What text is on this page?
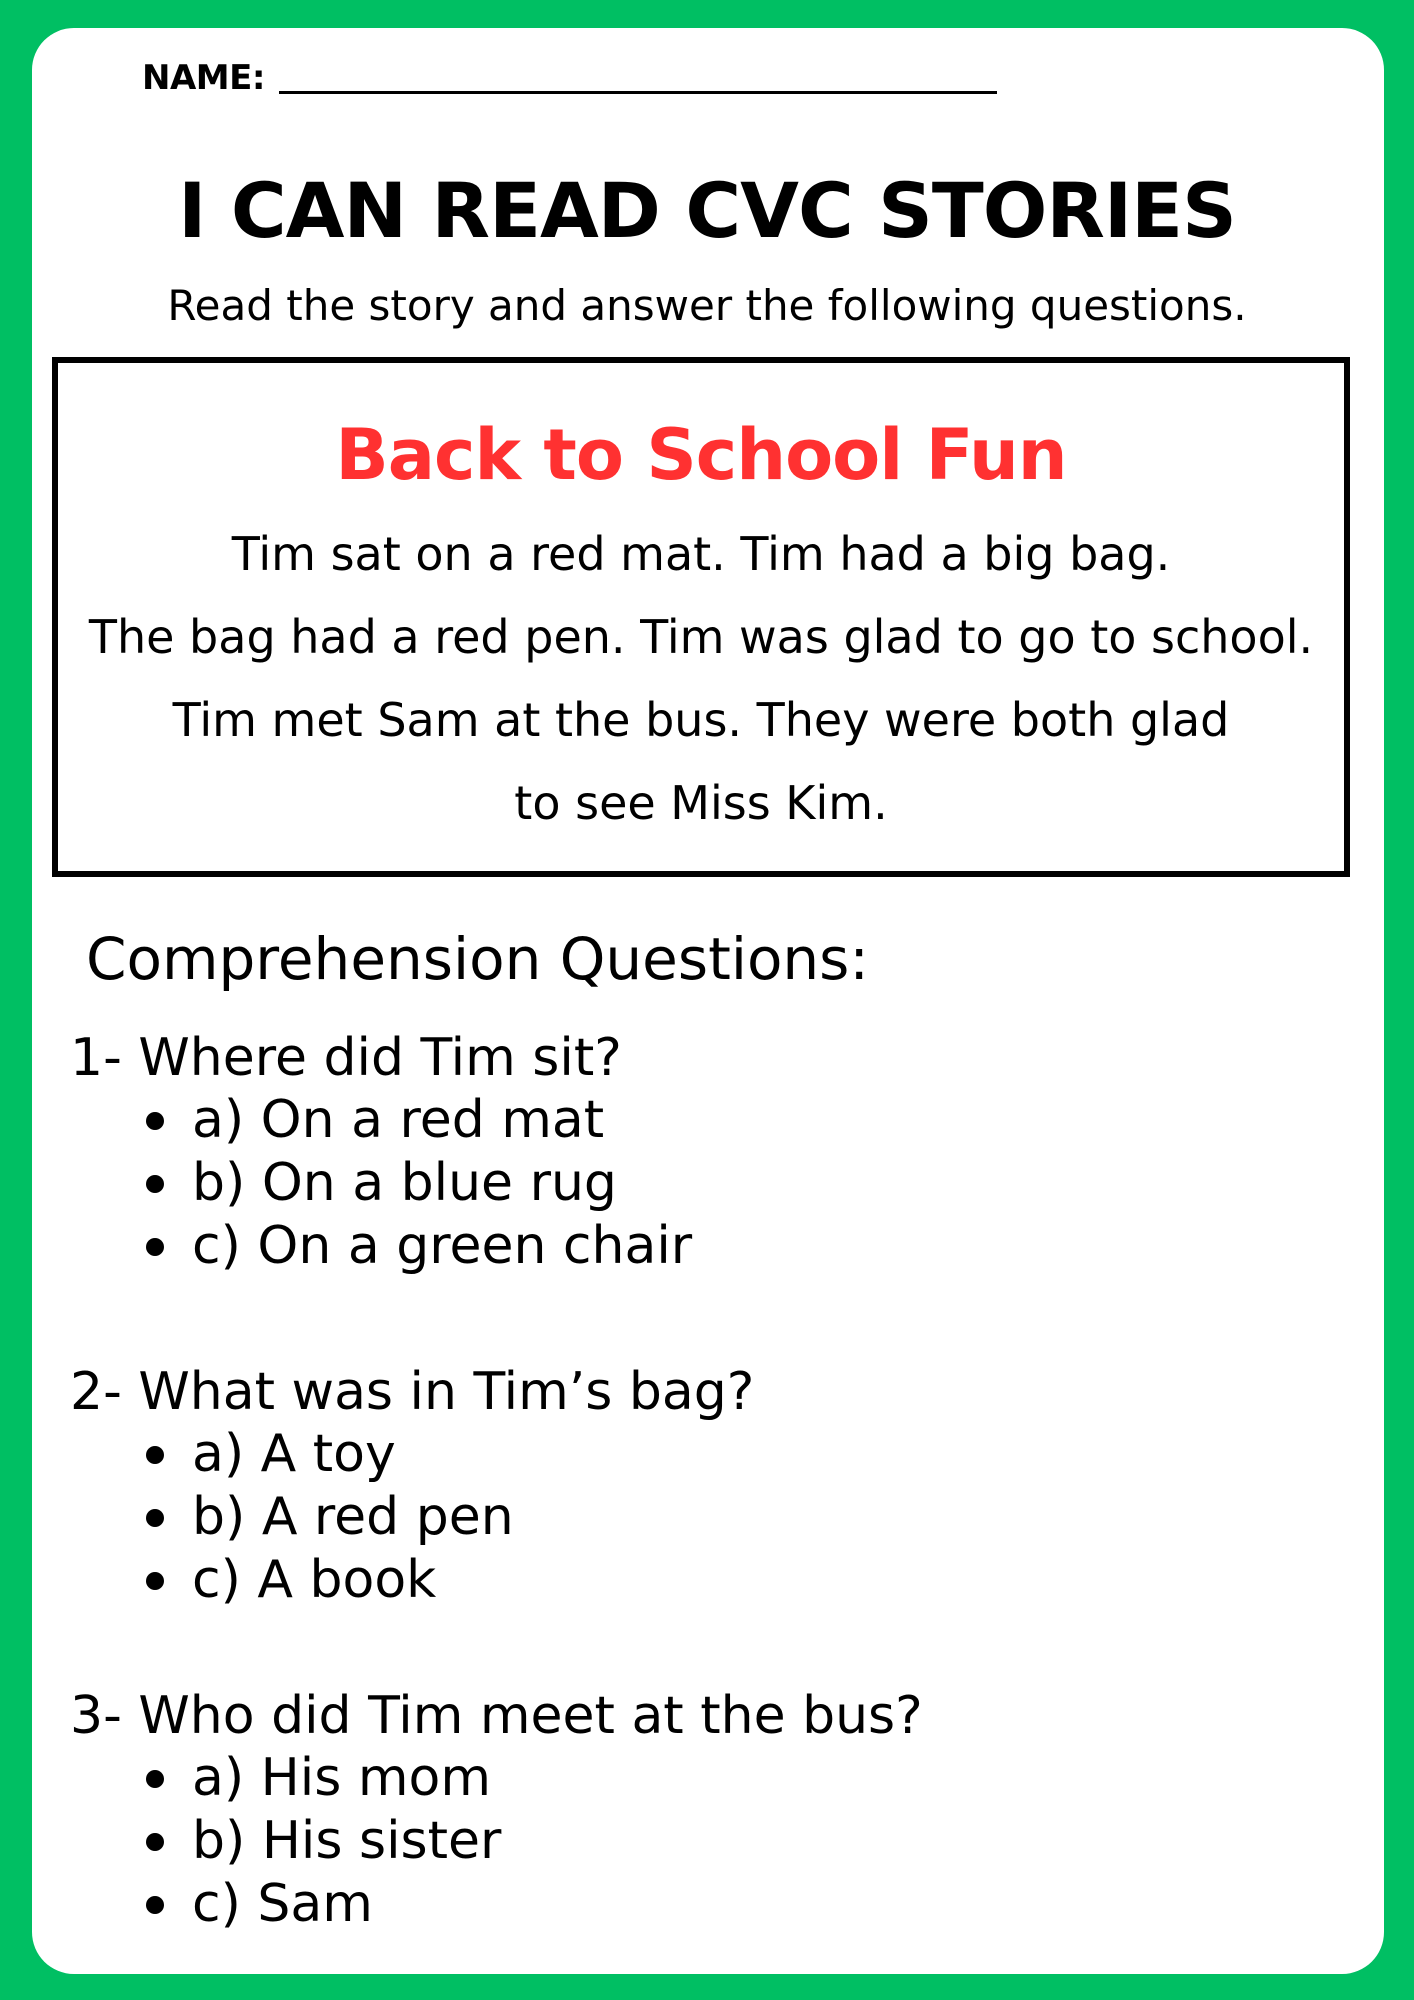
NAME:
I CAN READ CVC STORIES
Read the story and answer the following questions.
Back to School Fun
Tim sat on a red mat. Tim had a big bag.
The bag had a red pen. Tim was glad to go to school.
Tim met Sam at the bus. They were both glad
to see Miss Kim.
Comprehension Questions:
1- Where did Tim sit?
a) On a red mat
b) On a blue rug
c) On a green chair
2- What was in Tim’s bag?
a) A toy
b) A red pen
c) A book
3- Who did Tim meet at the bus?
a) His mom
b) His sister
c) Sam
